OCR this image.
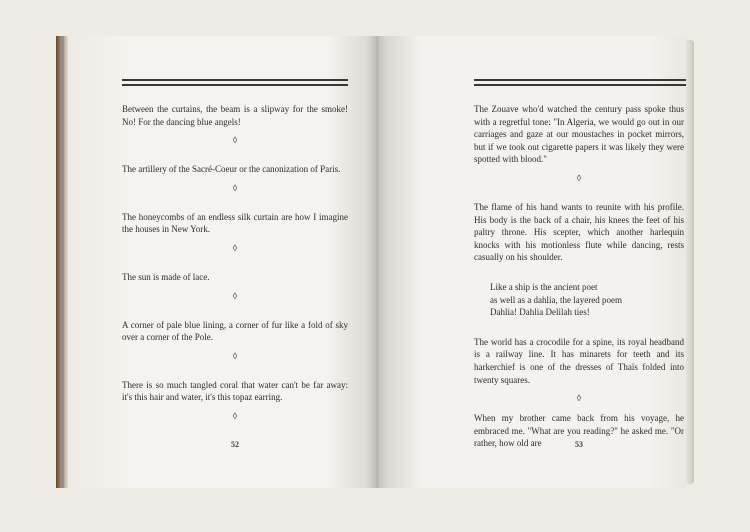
Between the curtains, the beam is a slipway for the smoke! No! For the dancing blue angels!

◊

The artillery of the Sacré-Coeur or the canonization of Paris.

◊

The honeycombs of an endless silk curtain are how I imagine the houses in New York.

◊

The sun is made of lace.

◊

A corner of pale blue lining, a corner of fur like a fold of sky over a corner of the Pole.

◊

There is so much tangled coral that water can't be far away: it's this hair and water, it's this topaz earring.

◊
52

The Zouave who'd watched the century pass spoke thus with a regretful tone: "In Algeria, we would go out in our carriages and gaze at our moustaches in pocket mirrors, but if we took out cigarette papers it was likely they were spotted with blood."

◊

The flame of his hand wants to reunite with his profile. His body is the back of a chair, his knees the feet of his paltry throne. His scepter, which another harlequin knocks with his motionless flute while dancing, rests casually on his shoulder.

Like a ship is the ancient poet
as well as a dahlia, the layered poem
Dahlia! Dahlia Delilah ties!

The world has a crocodile for a spine, its royal headband is a railway line. It has minarets for teeth and its harkerchief is one of the dresses of Thaïs folded into twenty squares.

◊

When my brother came back from his voyage, he embraced me. "What are you reading?" he asked me. "Or rather, how old are	53
